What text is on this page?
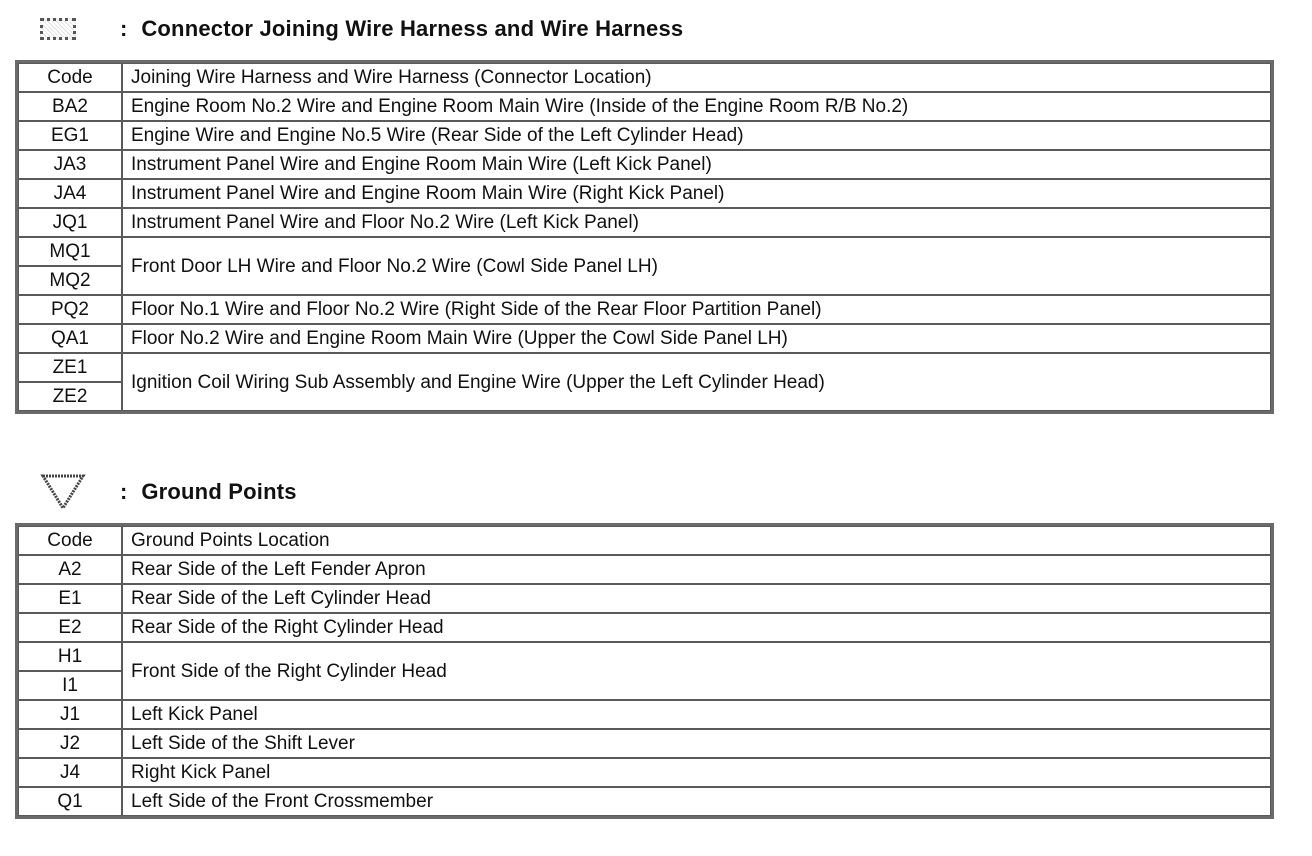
: Connector Joining Wire Harness and Wire Harness
Code	Joining Wire Harness and Wire Harness (Connector Location)
BA2	Engine Room No.2 Wire and Engine Room Main Wire (Inside of the Engine Room R/B No.2)
EG1	Engine Wire and Engine No.5 Wire (Rear Side of the Left Cylinder Head)
JA3	Instrument Panel Wire and Engine Room Main Wire (Left Kick Panel)
JA4	Instrument Panel Wire and Engine Room Main Wire (Right Kick Panel)
JQ1	Instrument Panel Wire and Floor No.2 Wire (Left Kick Panel)
MQ1	Front Door LH Wire and Floor No.2 Wire (Cowl Side Panel LH)
MQ2	
PQ2	Floor No.1 Wire and Floor No.2 Wire (Right Side of the Rear Floor Partition Panel)
QA1	Floor No.2 Wire and Engine Room Main Wire (Upper the Cowl Side Panel LH)
ZE1	Ignition Coil Wiring Sub Assembly and Engine Wire (Upper the Left Cylinder Head)
ZE2	
: Ground Points
Code	Ground Points Location
A2	Rear Side of the Left Fender Apron
E1	Rear Side of the Left Cylinder Head
E2	Rear Side of the Right Cylinder Head
H1	Front Side of the Right Cylinder Head
I1	
J1	Left Kick Panel
J2	Left Side of the Shift Lever
J4	Right Kick Panel
Q1	Left Side of the Front Crossmember
